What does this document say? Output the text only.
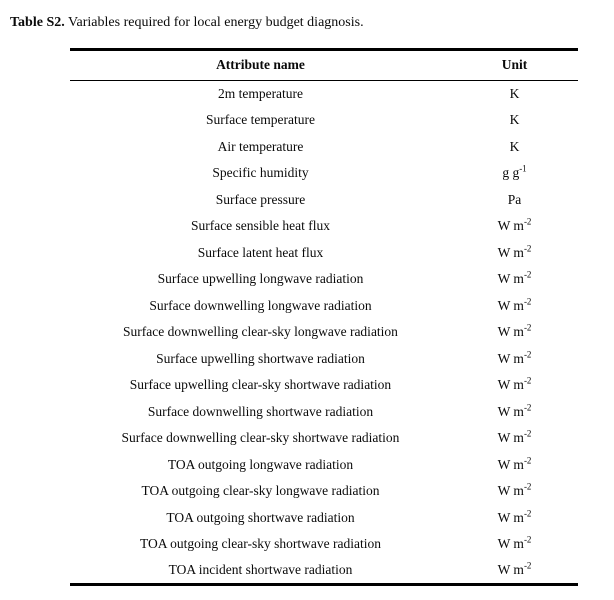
Table S2. Variables required for local energy budget diagnosis.

Attribute name	Unit
2m temperature	K
Surface temperature	K
Air temperature	K
Specific humidity	g $g^{-1}$
Surface pressure	Pa
Surface sensible heat flux	W $m^{-2}$
Surface latent heat flux	W $m^{-2}$
Surface upwelling longwave radiation	W $m^{-2}$
Surface downwelling longwave radiation	W $m^{-2}$
Surface downwelling clear-sky longwave radiation	W $m^{-2}$
Surface upwelling shortwave radiation	W $m^{-2}$
Surface upwelling clear-sky shortwave radiation	W $m^{-2}$
Surface downwelling shortwave radiation	W $m^{-2}$
Surface downwelling clear-sky shortwave radiation	W $m^{-2}$
TOA outgoing longwave radiation	W $m^{-2}$
TOA outgoing clear-sky longwave radiation	W $m^{-2}$
TOA outgoing shortwave radiation	W $m^{-2}$
TOA outgoing clear-sky shortwave radiation	W $m^{-2}$
TOA incident shortwave radiation	W $m^{-2}$
